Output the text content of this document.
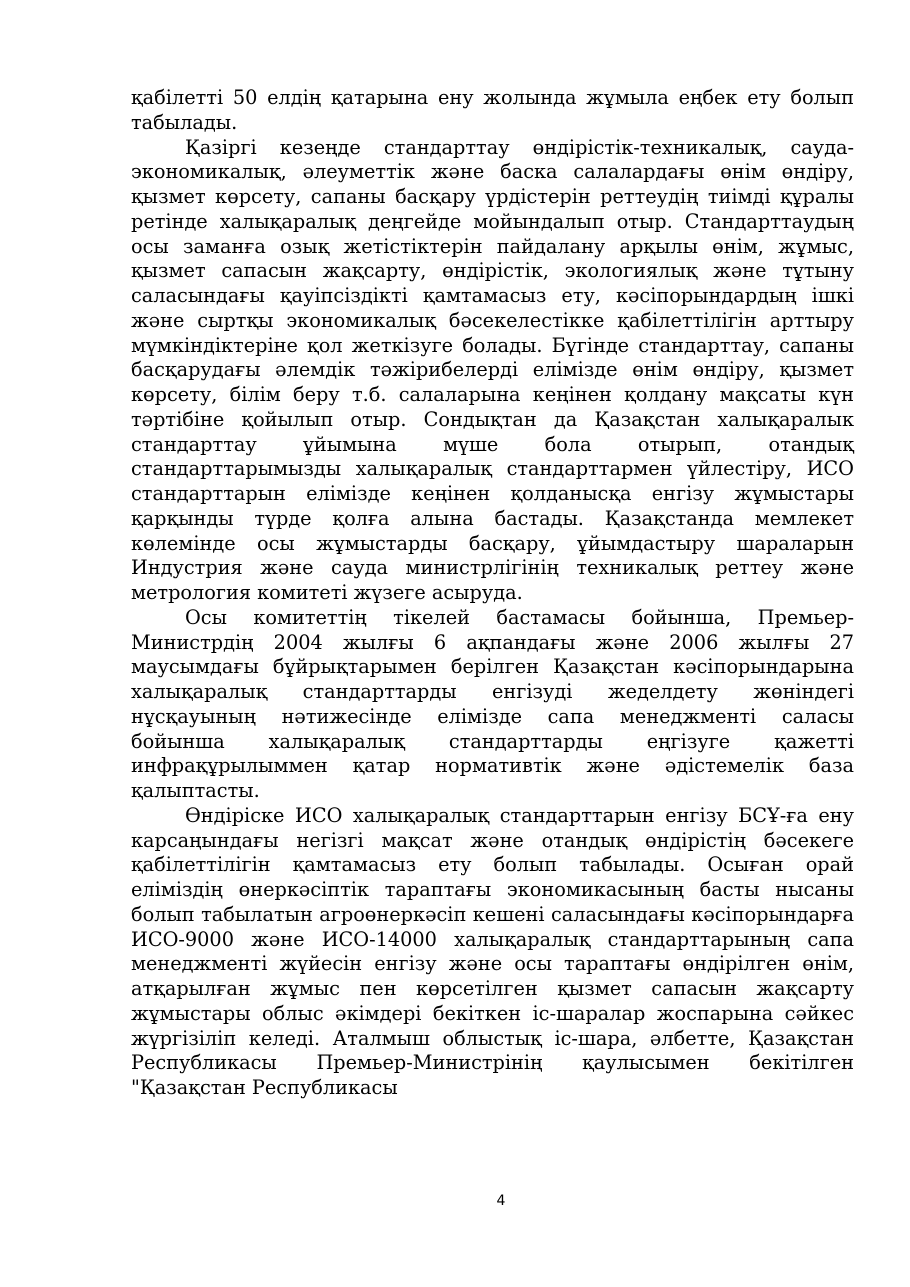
қабілетті 50 елдің қатарына ену жолында жұмыла еңбек ету болып табылады.

Қазіргі кезеңде стандарттау өндірістік-техникалық, сауда-экономикалық, әлеуметтік және баска салалардағы өнім өндіру, қызмет көрсету, сапаны басқару үрдістерін реттеудің тиімді құралы ретінде халықаралық деңгейде мойындалып отыр. Стандарттаудың осы заманға озық жетістіктерін пайдалану арқылы өнім, жұмыс, қызмет сапасын жақсарту, өндірістік, экологиялық және тұтыну саласындағы қауіпсіздікті қамтамасыз ету, кәсіпорындардың ішкі және сыртқы экономикалық бәсекелестікке қабілеттілігін арттыру мүмкіндіктеріне қол жеткізуге болады. Бүгінде стандарттау, сапаны басқарудағы әлемдік тәжірибелерді елімізде өнім өндіру, қызмет көрсету, білім беру т.б. салаларына кеңінен қолдану мақсаты күн тәртібіне қойылып отыр. Сондықтан да Қазақстан халықаралык стандарттау ұйымына мүше бола отырып, отандық стандарттарымызды халықаралық стандарттармен үйлестіру, ИСО стандарттарын елімізде кеңінен қолданысқа енгізу жұмыстары қарқынды түрде қолға алына бастады. Қазақстанда мемлекет көлемінде осы жұмыстарды басқару, ұйымдастыру шараларын Индустрия және сауда министрлігінің техникалық реттеу және метрология комитеті жүзеге асыруда.

Осы комитеттің тікелей бастамасы бойынша, Премьер-Министрдің 2004 жылғы 6 ақпандағы және 2006 жылғы 27 маусымдағы бұйрықтарымен берілген Қазақстан кәсіпорындарына халықаралық стандарттарды енгізуді жеделдету жөніндегі нұсқауының нәтижесінде елімізде сапа менеджменті саласы бойынша халықаралық стандарттарды еңгізуге қажетті инфрақұрылыммен қатар нормативтік және әдістемелік база қалыптасты.

Өндіріске ИСО халықаралық стандарттарын енгізу БСҰ-ға ену карсаңындағы негізгі мақсат және отандық өндірістің бәсекеге қабілеттілігін қамтамасыз ету болып табылады. Осыған орай еліміздің өнеркәсіптік тараптағы экономикасының басты нысаны болып табылатын агроөнеркәсіп кешені саласындағы кәсіпорындарға ИСО-9000 және ИСО-14000 халықаралық стандарттарының сапа менеджменті жүйесін енгізу және осы тараптағы өндірілген өнім, атқарылған жұмыс пен көрсетілген қызмет сапасын жақсарту жұмыстары облыс әкімдері бекіткен іс-шаралар жоспарына сәйкес жүргізіліп келеді. Аталмыш облыстық іс-шара, әлбетте, Қазақстан Республикасы Премьер-Министрінің қаулысымен бекітілген "Қазақстан Республикасы

4
